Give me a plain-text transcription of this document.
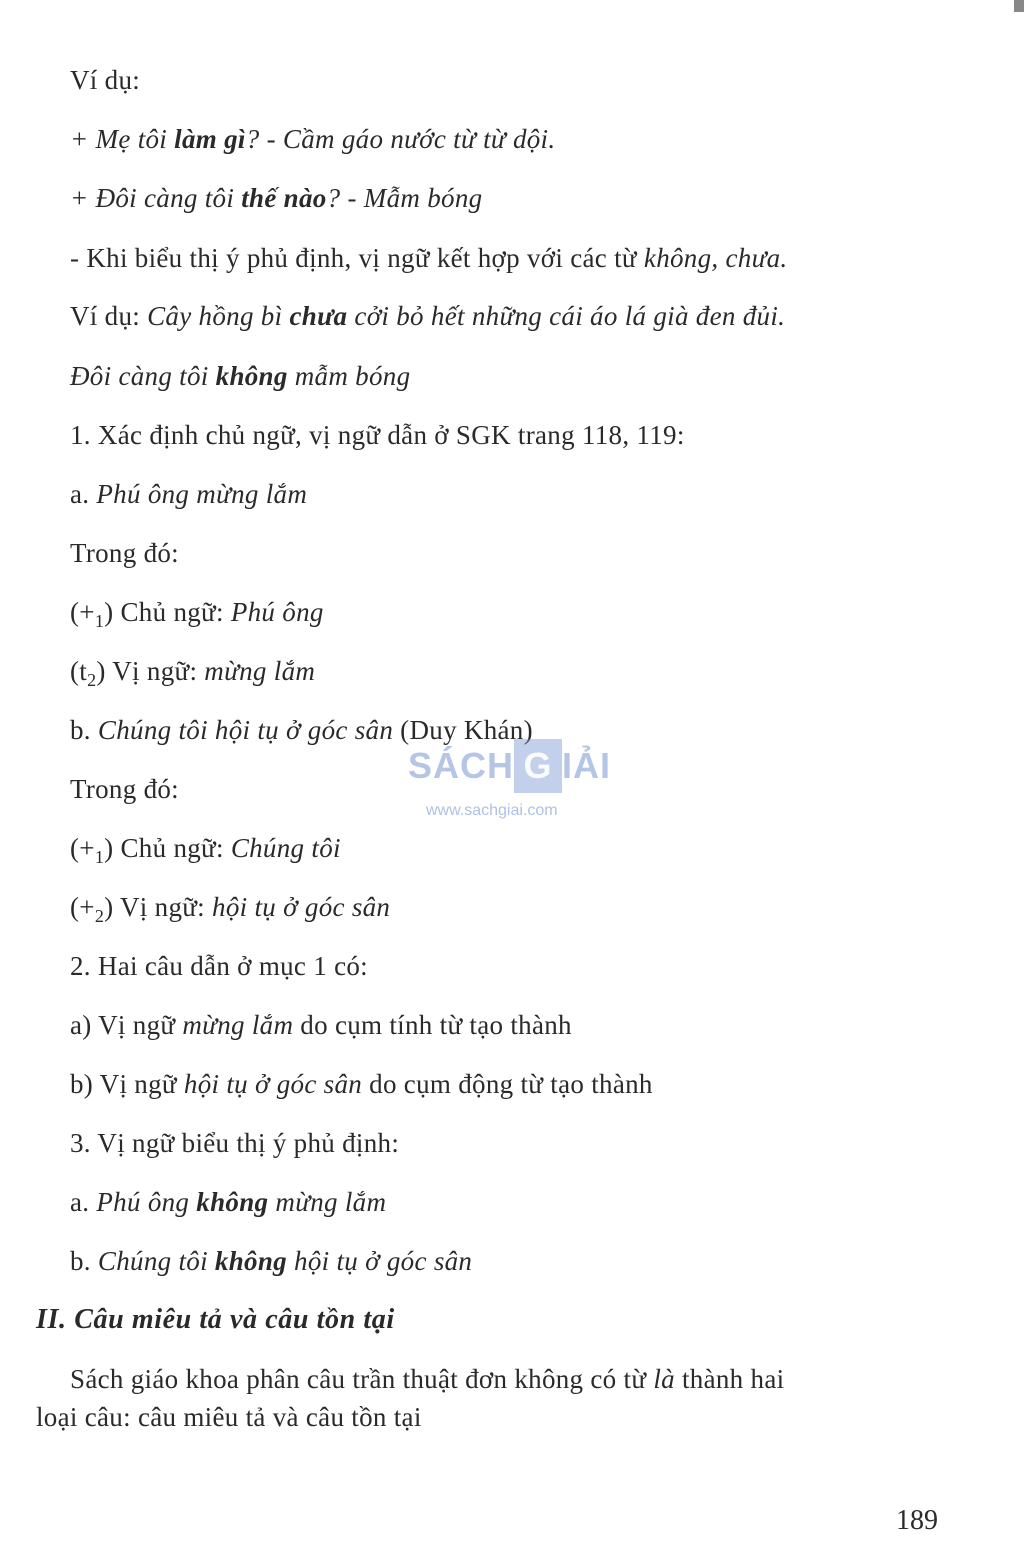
Ví dụ:
+ Mẹ tôi làm gì? - Cầm gáo nước từ từ dội.
+ Đôi càng tôi thế nào? - Mẫm bóng
- Khi biểu thị ý phủ định, vị ngữ kết hợp với các từ không, chưa.
Ví dụ: Cây hồng bì chưa cởi bỏ hết những cái áo lá già đen đủi.
Đôi càng tôi không mẫm bóng
1. Xác định chủ ngữ, vị ngữ dẫn ở SGK trang 118, 119:
a. Phú ông mừng lắm
Trong đó:
$(+_1)$ Chủ ngữ: Phú ông
$(t_2)$ Vị ngữ: mừng lắm
b. Chúng tôi hội tụ ở góc sân (Duy Khán)
Trong đó:
$(+_1)$ Chủ ngữ: Chúng tôi
$(+_2)$ Vị ngữ: hội tụ ở góc sân
2. Hai câu dẫn ở mục 1 có:
a) Vị ngữ mừng lắm do cụm tính từ tạo thành
b) Vị ngữ hội tụ ở góc sân do cụm động từ tạo thành
3. Vị ngữ biểu thị ý phủ định:
a. Phú ông không mừng lắm
b. Chúng tôi không hội tụ ở góc sân
II. Câu miêu tả và câu tồn tại
Sách giáo khoa phân câu trần thuật đơn không có từ là thành hai
loại câu: câu miêu tả và câu tồn tại
SÁCH G IẢI
www.sachgiai.com
189
